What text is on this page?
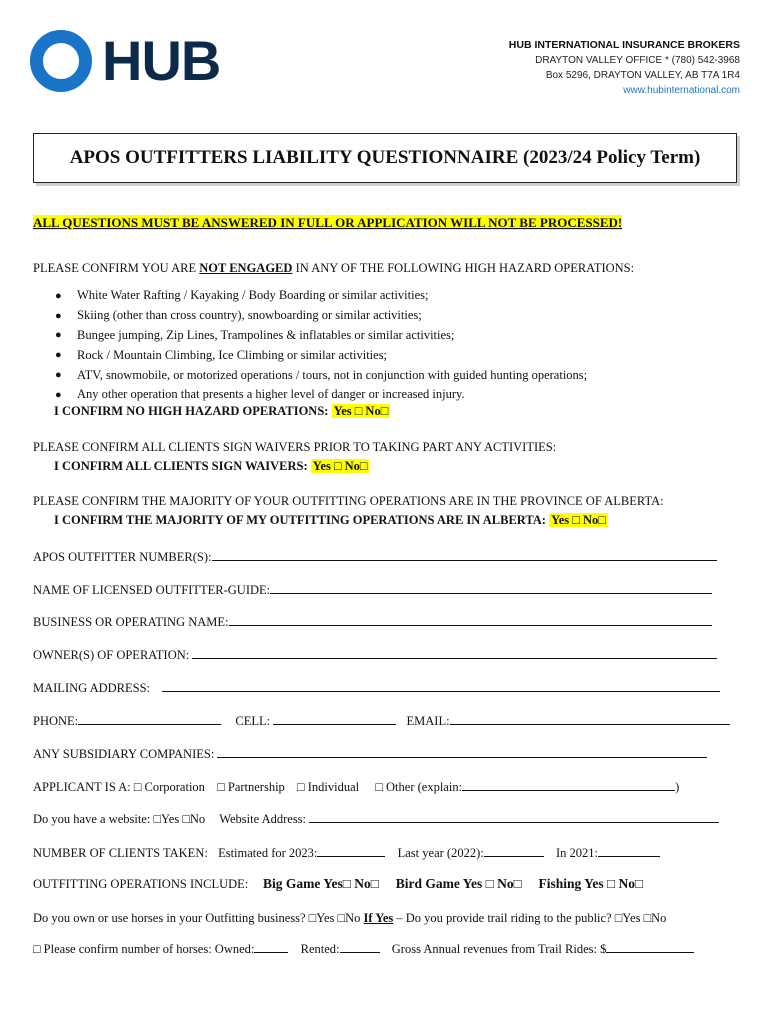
HUB	HUB INTERNATIONAL INSURANCE BROKERS
DRAYTON VALLEY OFFICE * (780) 542-3968
Box 5296, DRAYTON VALLEY, AB T7A 1R4
www.hubinternational.com
APOS OUTFITTERS LIABILITY QUESTIONNAIRE (2023/24 Policy Term)
ALL QUESTIONS MUST BE ANSWERED IN FULL OR APPLICATION WILL NOT BE PROCESSED!
PLEASE CONFIRM YOU ARE NOT ENGAGED IN ANY OF THE FOLLOWING HIGH HAZARD OPERATIONS:
●	White Water Rafting / Kayaking / Body Boarding or similar activities;
●	Skiing (other than cross country), snowboarding or similar activities;
●	Bungee jumping, Zip Lines, Trampolines & inflatables or similar activities;
●	Rock / Mountain Climbing, Ice Climbing or similar activities;
●	ATV, snowmobile, or motorized operations / tours, not in conjunction with guided hunting operations;
●	Any other operation that presents a higher level of danger or increased injury.
I CONFIRM NO HIGH HAZARD OPERATIONS: Yes □ No□
PLEASE CONFIRM ALL CLIENTS SIGN WAIVERS PRIOR TO TAKING PART ANY ACTIVITIES:
I CONFIRM ALL CLIENTS SIGN WAIVERS: Yes □ No□
PLEASE CONFIRM THE MAJORITY OF YOUR OUTFITTING OPERATIONS ARE IN THE PROVINCE OF ALBERTA:
I CONFIRM THE MAJORITY OF MY OUTFITTING OPERATIONS ARE IN ALBERTA: Yes □ No□
APOS OUTFITTER NUMBER(S):
NAME OF LICENSED OUTFITTER-GUIDE:
BUSINESS OR OPERATING NAME:
OWNER(S) OF OPERATION:
MAILING ADDRESS:
PHONE:	CELL:	EMAIL:
ANY SUBSIDIARY COMPANIES:
APPLICANT IS A: □ Corporation □ Partnership □ Individual □ Other (explain:	)
Do you have a website: □Yes □No Website Address:
NUMBER OF CLIENTS TAKEN: Estimated for 2023:	Last year (2022):	In 2021:
OUTFITTING OPERATIONS INCLUDE: Big Game Yes□ No□ Bird Game Yes □ No□ Fishing Yes □ No□
Do you own or use horses in your Outfitting business? □Yes □No If Yes – Do you provide trail riding to the public? □Yes □No
□ Please confirm number of horses: Owned:	Rented:	Gross Annual revenues from Trail Rides: $
